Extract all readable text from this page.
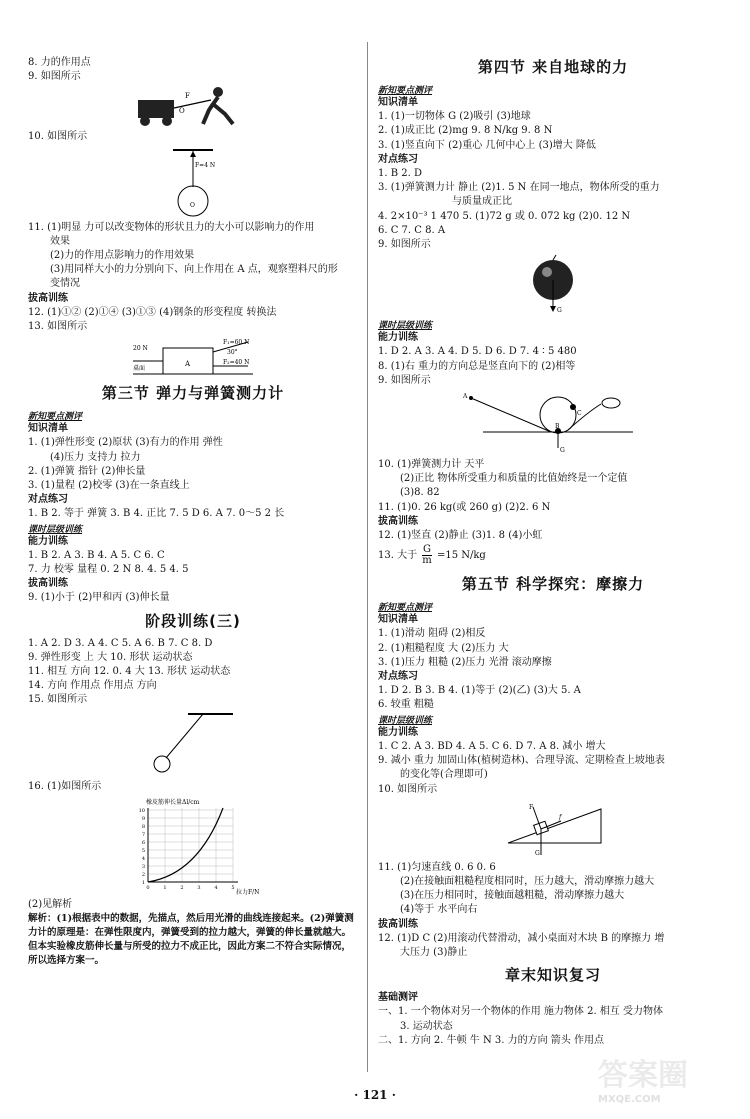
8. 力的作用点
9. 如图所示
F
O
10. 如图所示
F=4 N
O
11. (1)明显 力可以改变物体的形状且力的大小可以影响力的作用
效果
(2)力的作用点影响力的作用效果
(3)用同样大小的力分别向下、向上作用在 A 点，观察塑料尺的形
变情况
拔高训练
12. (1)①② (2)①④ (3)①③ (4)钢条的形变程度 转换法
13. 如图所示
A
20 N
桌面
F₁=60 N
30°
F₂=40 N
第三节 弹力与弹簧测力计
新知要点测评
知识清单
1. (1)弹性形变 (2)原状 (3)有力的作用 弹性
(4)压力 支持力 拉力
2. (1)弹簧 指针 (2)伸长量
3. (1)量程 (2)校零 (3)在一条直线上
对点练习
1. B 2. 等于 弹簧 3. B 4. 正比 7. 5 D 6. A 7. 0～5 2 长
课时层级训练
能力训练
1. B 2. A 3. B 4. A 5. C 6. C
7. 力 校零 量程 0. 2 N 8. 4. 5 4. 5
拔高训练
9. (1)小于 (2)甲和丙 (3)伸长量
阶段训练(三)
1. A 2. D 3. A 4. C 5. A 6. B 7. C 8. D
9. 弹性形变 上 大 10. 形状 运动状态
11. 相互 方向 12. 0. 4 大 13. 形状 运动状态
14. 方向 作用点 作用点 方向
15. 如图所示
16. (1)如图所示
橡皮筋伸长量Δl/cm
10
9
8
7
6
5
4
3
2
1
0	1	2	3	4	5
拉力F/N
(2)见解析
解析：(1)根据表中的数据，先描点，然后用光滑的曲线连接起来。(2)弹簧测力计的原理是：在弹性限度内，弹簧受到的拉力越大，弹簧的伸长量就越大。但本实验橡皮筋伸长量与所受的拉力不成正比，因此方案二不符合实际情况，所以选择方案一。
第四节 来自地球的力
新知要点测评
知识清单
1. (1)一切物体 G (2)吸引 (3)地球
2. (1)成正比 (2)mg 9. 8 N/kg 9. 8 N
3. (1)竖直向下 (2)重心 几何中心上 (3)增大 降低
对点练习
1. B 2. D
3. (1)弹簧测力计 静止 (2)1. 5 N 在同一地点，物体所受的重力
与质量成正比
4. 2×10⁻³ 1 470 5. (1)72 g 或 0. 072 kg (2)0. 12 N
6. C 7. C 8. A
9. 如图所示
G
课时层级训练
能力训练
1. D 2. A 3. A 4. D 5. D 6. D 7. 4 ∶ 5 480
8. (1)右 重力的方向总是竖直向下的 (2)相等
9. 如图所示
A
B
C
G
10. (1)弹簧测力计 天平
(2)正比 物体所受重力和质量的比值始终是一个定值
(3)8. 82
11. (1)0. 26 kg(或 260 g) (2)2. 6 N
拔高训练
12. (1)竖直 (2)静止 (3)1. 8 (4)小虹
13. 大于 $\frac{G}{m} =15$ N/kg
第五节 科学探究：摩擦力
新知要点测评
知识清单
1. (1)滑动 阻碍 (2)相反
2. (1)粗糙程度 大 (2)压力 大
3. (1)压力 粗糙 (2)压力 光滑 滚动摩擦
对点练习
1. D 2. B 3. B 4. (1)等于 (2)(乙) (3)大 5. A
6. 较重 粗糙
课时层级训练
能力训练
1. C 2. A 3. BD 4. A 5. C 6. D 7. A 8. 减小 增大
9. 减小 重力 加固山体(植树造林)、合理导流、定期检查上坡地表
的变化等(合理即可)
10. 如图所示
F
f
G
11. (1)匀速直线 0. 6 0. 6
(2)在接触面粗糙程度相同时，压力越大，滑动摩擦力越大
(3)在压力相同时，接触面越粗糙，滑动摩擦力越大
(4)等于 水平向右
拔高训练
12. (1)D C (2)用滚动代替滑动，减小桌面对木块 B 的摩擦力 增
大压力 (3)静止
章末知识复习
基础测评
一、1. 一个物体对另一个物体的作用 施力物体 2. 相互 受力物体
3. 运动状态
二、1. 方向 2. 牛顿 牛 N 3. 力的方向 箭头 作用点
· 121 ·
答案圈
MXQE.COM
